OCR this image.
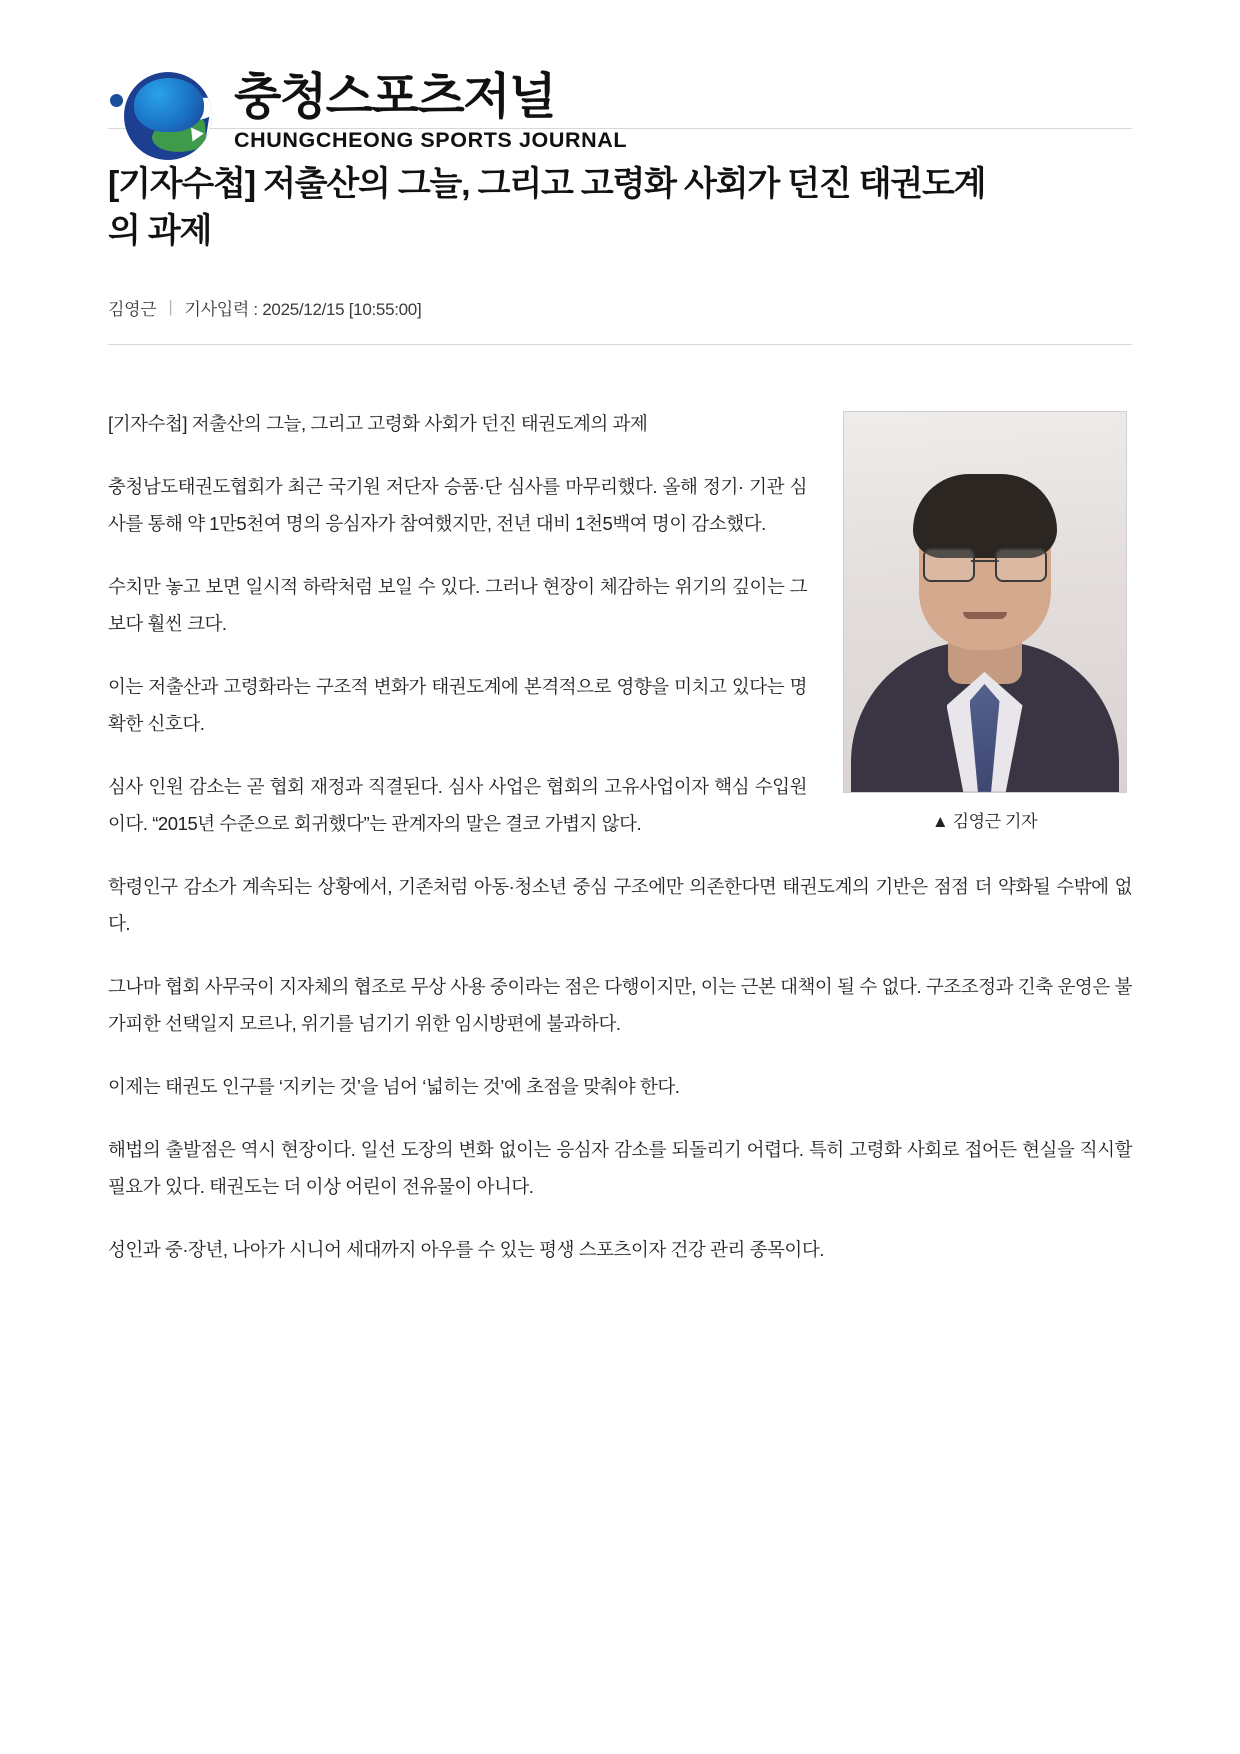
충청스포츠저널
CHUNGCHEONG SPORTS JOURNAL
[기자수첩] 저출산의 그늘, 그리고 고령화 사회가 던진 태권도계의 과제
김영근 | 기사입력 : 2025/12/15 [10:55:00]
▲ 김영근 기자

[기자수첩] 저출산의 그늘, 그리고 고령화 사회가 던진 태권도계의 과제

충청남도태권도협회가 최근 국기원 저단자 승품·단 심사를 마무리했다. 올해 정기· 기관 심사를 통해 약 1만5천여 명의 응심자가 참여했지만, 전년 대비 1천5백여 명이 감소했다.

수치만 놓고 보면 일시적 하락처럼 보일 수 있다. 그러나 현장이 체감하는 위기의 깊이는 그보다 훨씬 크다.

이는 저출산과 고령화라는 구조적 변화가 태권도계에 본격적으로 영향을 미치고 있다는 명확한 신호다.

심사 인원 감소는 곧 협회 재정과 직결된다. 심사 사업은 협회의 고유사업이자 핵심 수입원이다. “2015년 수준으로 회귀했다”는 관계자의 말은 결코 가볍지 않다.

학령인구 감소가 계속되는 상황에서, 기존처럼 아동·청소년 중심 구조에만 의존한다면 태권도계의 기반은 점점 더 약화될 수밖에 없다.

그나마 협회 사무국이 지자체의 협조로 무상 사용 중이라는 점은 다행이지만, 이는 근본 대책이 될 수 없다. 구조조정과 긴축 운영은 불가피한 선택일지 모르나, 위기를 넘기기 위한 임시방편에 불과하다.

이제는 태권도 인구를 ‘지키는 것’을 넘어 ‘넓히는 것’에 초점을 맞춰야 한다.

해법의 출발점은 역시 현장이다. 일선 도장의 변화 없이는 응심자 감소를 되돌리기 어렵다. 특히 고령화 사회로 접어든 현실을 직시할 필요가 있다. 태권도는 더 이상 어린이 전유물이 아니다.

성인과 중·장년, 나아가 시니어 세대까지 아우를 수 있는 평생 스포츠이자 건강 관리 종목이다.
